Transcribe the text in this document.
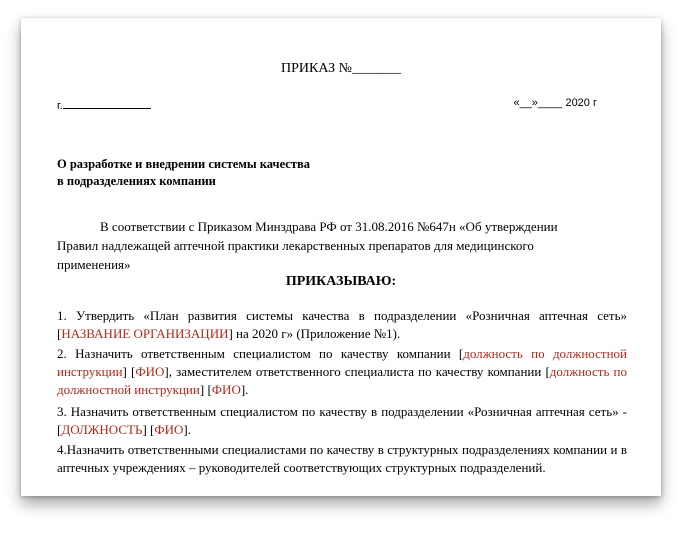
ПРИКАЗ №_______
г.	«__»____ 2020 г
О разработке и внедрении системы качества
в подразделениях компании
В соответствии с Приказом Минздрава РФ от 31.08.2016 №647н «Об утверждении
Правил надлежащей аптечной практики лекарственных препаратов для медицинского
применения»
ПРИКАЗЫВАЮ:
1. Утвердить «План развития системы качества в подразделении «Розничная аптечная сеть» [НАЗВАНИЕ ОРГАНИЗАЦИИ] на 2020 г» (Приложение №1).
2. Назначить ответственным специалистом по качеству компании [должность по должностной инструкции] [ФИО], заместителем ответственного специалиста по качеству компании [должность по должностной инструкции] [ФИО].
3. Назначить ответственным специалистом по качеству в подразделении «Розничная аптечная сеть» - [ДОЛЖНОСТЬ] [ФИО].
4.Назначить ответственными специалистами по качеству в структурных подразделениях компании и в аптечных учреждениях – руководителей соответствующих структурных подразделений.
